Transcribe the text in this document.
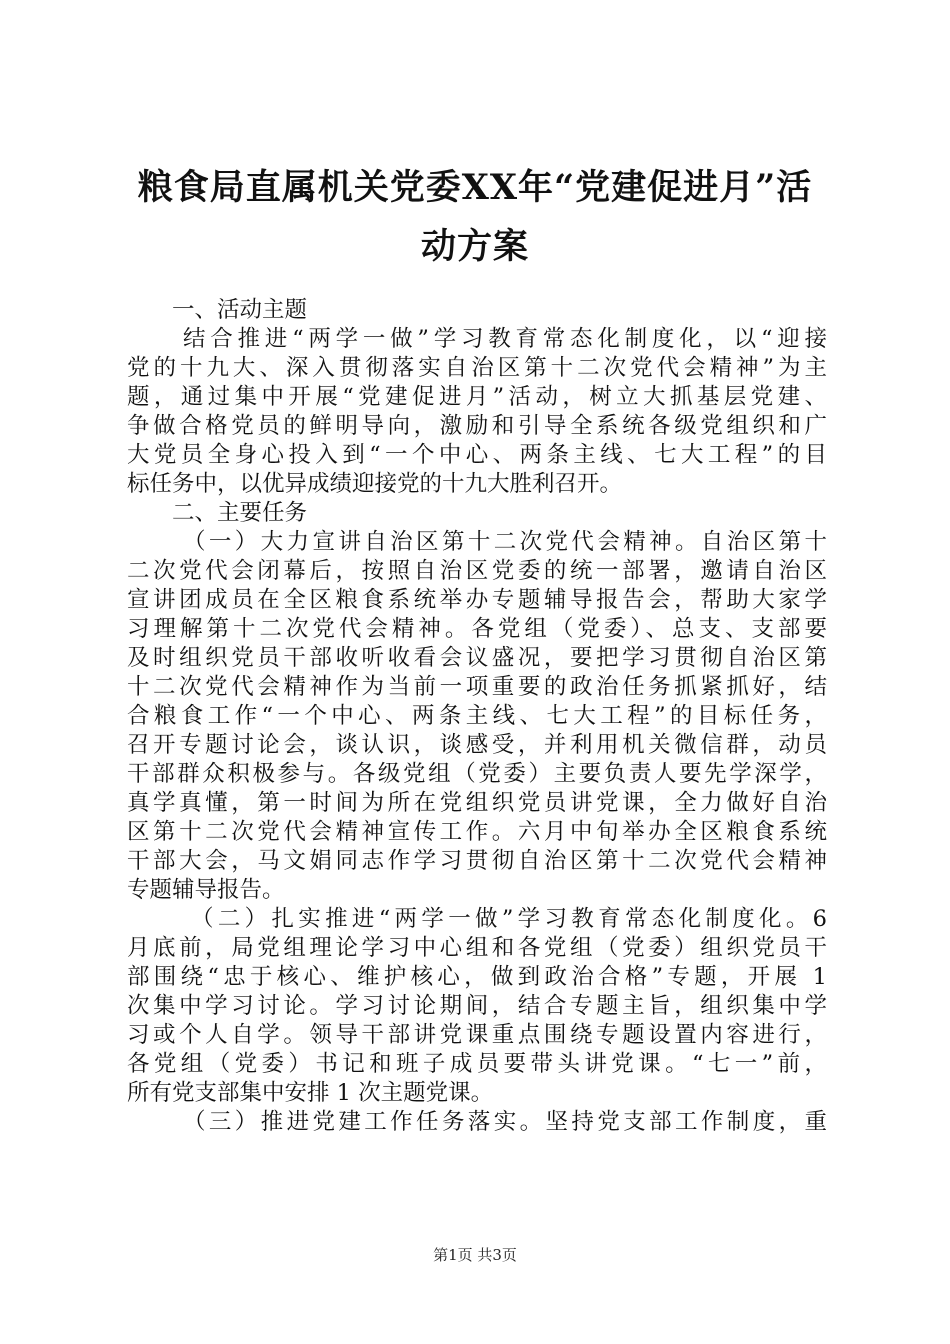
粮食局直属机关党委XX年“党建促进月”活
动方案
一、活动主题
结合推进“两学一做”学习教育常态化制度化，以“迎接
党的十九大、深入贯彻落实自治区第十二次党代会精神”为主
题，通过集中开展“党建促进月”活动，树立大抓基层党建、
争做合格党员的鲜明导向，激励和引导全系统各级党组织和广
大党员全身心投入到“一个中心、两条主线、七大工程”的目
标任务中，以优异成绩迎接党的十九大胜利召开。
二、主要任务
（一）大力宣讲自治区第十二次党代会精神。自治区第十
二次党代会闭幕后，按照自治区党委的统一部署，邀请自治区
宣讲团成员在全区粮食系统举办专题辅导报告会，帮助大家学
习理解第十二次党代会精神。各党组（党委）、总支、支部要
及时组织党员干部收听收看会议盛况，要把学习贯彻自治区第
十二次党代会精神作为当前一项重要的政治任务抓紧抓好，结
合粮食工作“一个中心、两条主线、七大工程”的目标任务，
召开专题讨论会，谈认识，谈感受，并利用机关微信群，动员
干部群众积极参与。各级党组（党委）主要负责人要先学深学，
真学真懂，第一时间为所在党组织党员讲党课，全力做好自治
区第十二次党代会精神宣传工作。六月中旬举办全区粮食系统
干部大会，马文娟同志作学习贯彻自治区第十二次党代会精神
专题辅导报告。
（二）扎实推进“两学一做”学习教育常态化制度化。6
月底前，局党组理论学习中心组和各党组（党委）组织党员干
部围绕“忠于核心、维护核心，做到政治合格”专题，开展 1
次集中学习讨论。学习讨论期间，结合专题主旨，组织集中学
习或个人自学。领导干部讲党课重点围绕专题设置内容进行，
各党组（党委）书记和班子成员要带头讲党课。“七一”前，
所有党支部集中安排 1 次主题党课。
（三）推进党建工作任务落实。坚持党支部工作制度，重
第1页 共3页
